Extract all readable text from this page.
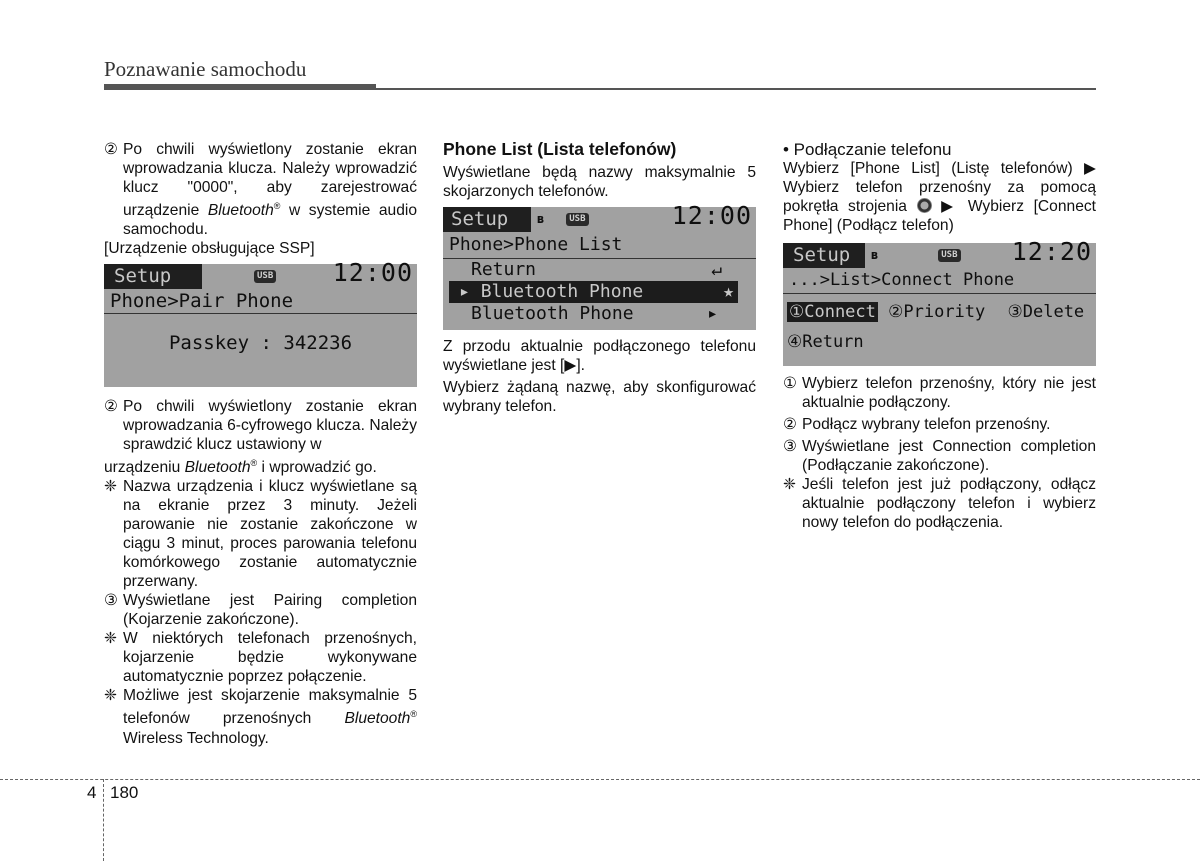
Poznawanie samochodu
② Po chwili wyświetlony zostanie ekran wprowadzania klucza. Należy wprowadzić klucz "0000", aby zarejestrować urządzenie Bluetooth® w systemie audio samochodu.
[Urządzenie obsługujące SSP]
Setup	USB 12:00
Phone>Pair Phone
Passkey : 342236
② Po chwili wyświetlony zostanie ekran wprowadzania 6-cyfrowego klucza. Należy sprawdzić klucz ustawiony w
urządzeniu Bluetooth® i wprowadzić go.
❈ Nazwa urządzenia i klucz wyświetlane są na ekranie przez 3 minuty. Jeżeli parowanie nie zostanie zakończone w ciągu 3 minut, proces parowania telefonu komórkowego zostanie automatycznie przerwany.
③ Wyświetlane jest Pairing completion (Kojarzenie zakończone).
❈ W niektórych telefonach przenośnych, kojarzenie będzie wykonywane automatycznie poprzez połączenie.
❈ Możliwe jest skojarzenie maksymalnie 5 telefonów przenośnych Bluetooth® Wireless Technology.
Phone List (Lista telefonów)
Wyświetlane będą nazwy maksymalnie 5 skojarzonych telefonów.
Setup	ʙ	USB	12:00
Phone>Phone List
Return	↵
▸ Bluetooth Phone	★
Bluetooth Phone	▸
Z przodu aktualnie podłączonego telefonu wyświetlane jest [▶].
Wybierz żądaną nazwę, aby skonfigurować wybrany telefon.
• Podłączanie telefonu
Wybierz [Phone List] (Listę telefonów) ▶ Wybierz telefon przenośny za pomocą pokrętła strojenia ▶ Wybierz [Connect Phone] (Podłącz telefon)
Setup	ʙ	USB 12:20
...>List>Connect Phone
①Connect ②Priority ③Delete
④Return
① Wybierz telefon przenośny, który nie jest aktualnie podłączony.
② Podłącz wybrany telefon przenośny.
③ Wyświetlane jest Connection completion (Podłączanie zakończone).
❈ Jeśli telefon jest już podłączony, odłącz aktualnie podłączony telefon i wybierz nowy telefon do podłączenia.
4 180
